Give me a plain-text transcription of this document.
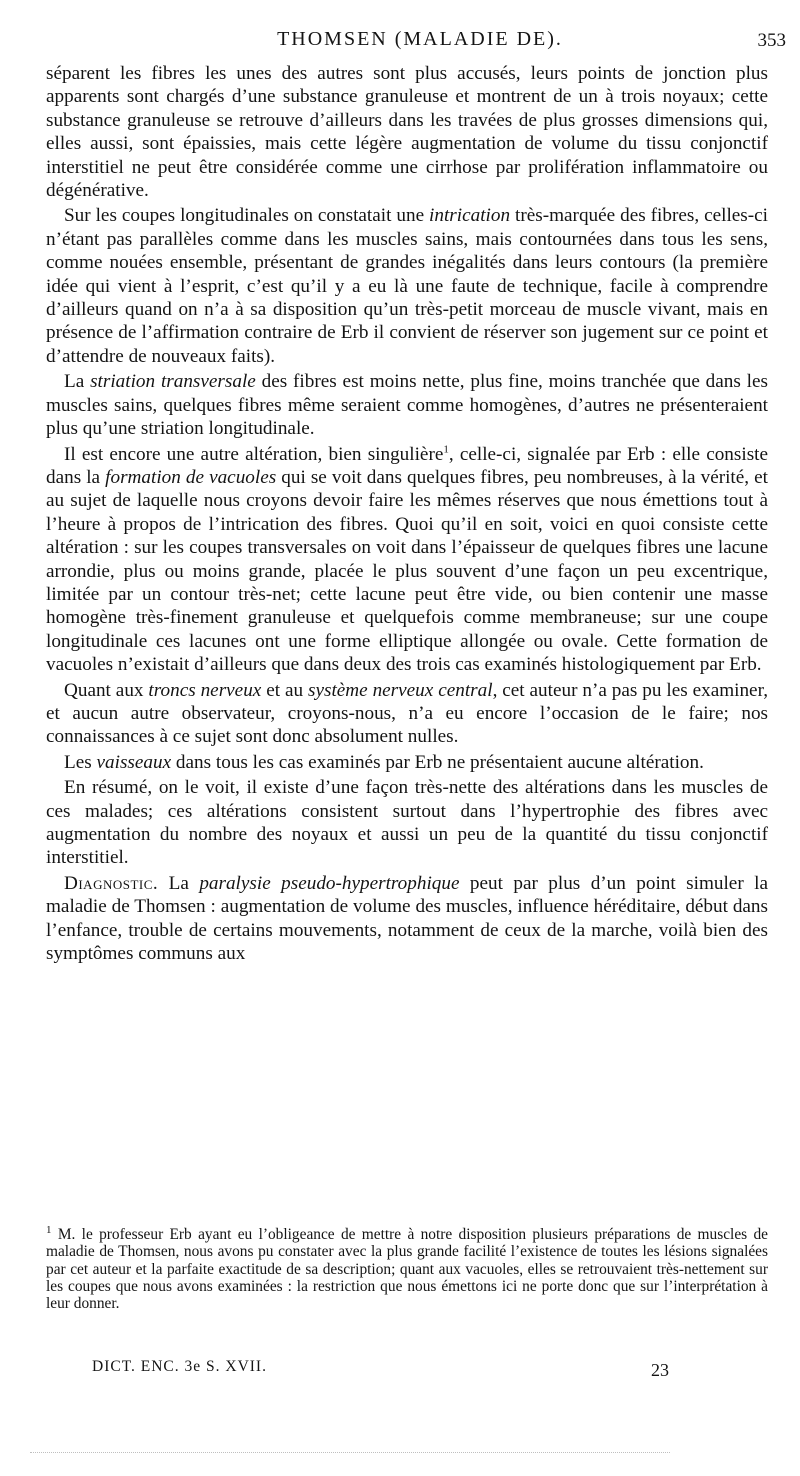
THOMSEN (MALADIE DE).	353

séparent les fibres les unes des autres sont plus accusés, leurs points de jonction plus apparents sont chargés d’une substance granuleuse et montrent de un à trois noyaux; cette substance granuleuse se retrouve d’ailleurs dans les travées de plus grosses dimensions qui, elles aussi, sont épaissies, mais cette légère augmentation de volume du tissu conjonctif interstitiel ne peut être considérée comme une cirrhose par prolifération inflammatoire ou dégénérative.

Sur les coupes longitudinales on constatait une intrication très-marquée des fibres, celles-ci n’étant pas parallèles comme dans les muscles sains, mais contournées dans tous les sens, comme nouées ensemble, présentant de grandes inégalités dans leurs contours (la première idée qui vient à l’esprit, c’est qu’il y a eu là une faute de technique, facile à comprendre d’ailleurs quand on n’a à sa disposition qu’un très-petit morceau de muscle vivant, mais en présence de l’affirmation contraire de Erb il convient de réserver son jugement sur ce point et d’attendre de nouveaux faits).

La striation transversale des fibres est moins nette, plus fine, moins tranchée que dans les muscles sains, quelques fibres même seraient comme homogènes, d’autres ne présenteraient plus qu’une striation longitudinale.

Il est encore une autre altération, bien singulière$^1$, celle-ci, signalée par Erb : elle consiste dans la formation de vacuoles qui se voit dans quelques fibres, peu nombreuses, à la vérité, et au sujet de laquelle nous croyons devoir faire les mêmes réserves que nous émettions tout à l’heure à propos de l’intrication des fibres. Quoi qu’il en soit, voici en quoi consiste cette altération : sur les coupes transversales on voit dans l’épaisseur de quelques fibres une lacune arrondie, plus ou moins grande, placée le plus souvent d’une façon un peu excentrique, limitée par un contour très-net; cette lacune peut être vide, ou bien contenir une masse homogène très-finement granuleuse et quelquefois comme membraneuse; sur une coupe longitudinale ces lacunes ont une forme elliptique allongée ou ovale. Cette formation de vacuoles n’existait d’ailleurs que dans deux des trois cas examinés histologiquement par Erb.

Quant aux troncs nerveux et au système nerveux central, cet auteur n’a pas pu les examiner, et aucun autre observateur, croyons-nous, n’a eu encore l’occasion de le faire; nos connaissances à ce sujet sont donc absolument nulles.

Les vaisseaux dans tous les cas examinés par Erb ne présentaient aucune altération.

En résumé, on le voit, il existe d’une façon très-nette des altérations dans les muscles de ces malades; ces altérations consistent surtout dans l’hypertrophie des fibres avec augmentation du nombre des noyaux et aussi un peu de la quantité du tissu conjonctif interstitiel.

Diagnostic. La paralysie pseudo-hypertrophique peut par plus d’un point simuler la maladie de Thomsen : augmentation de volume des muscles, influence héréditaire, début dans l’enfance, trouble de certains mouvements, notamment de ceux de la marche, voilà bien des symptômes communs aux

$^1$ M. le professeur Erb ayant eu l’obligeance de mettre à notre disposition plusieurs préparations de muscles de maladie de Thomsen, nous avons pu constater avec la plus grande facilité l’existence de toutes les lésions signalées par cet auteur et la parfaite exactitude de sa description; quant aux vacuoles, elles se retrouvaient très-nettement sur les coupes que nous avons examinées : la restriction que nous émettons ici ne porte donc que sur l’interprétation à leur donner.
DICT. ENC. 3e S. XVII.	23
